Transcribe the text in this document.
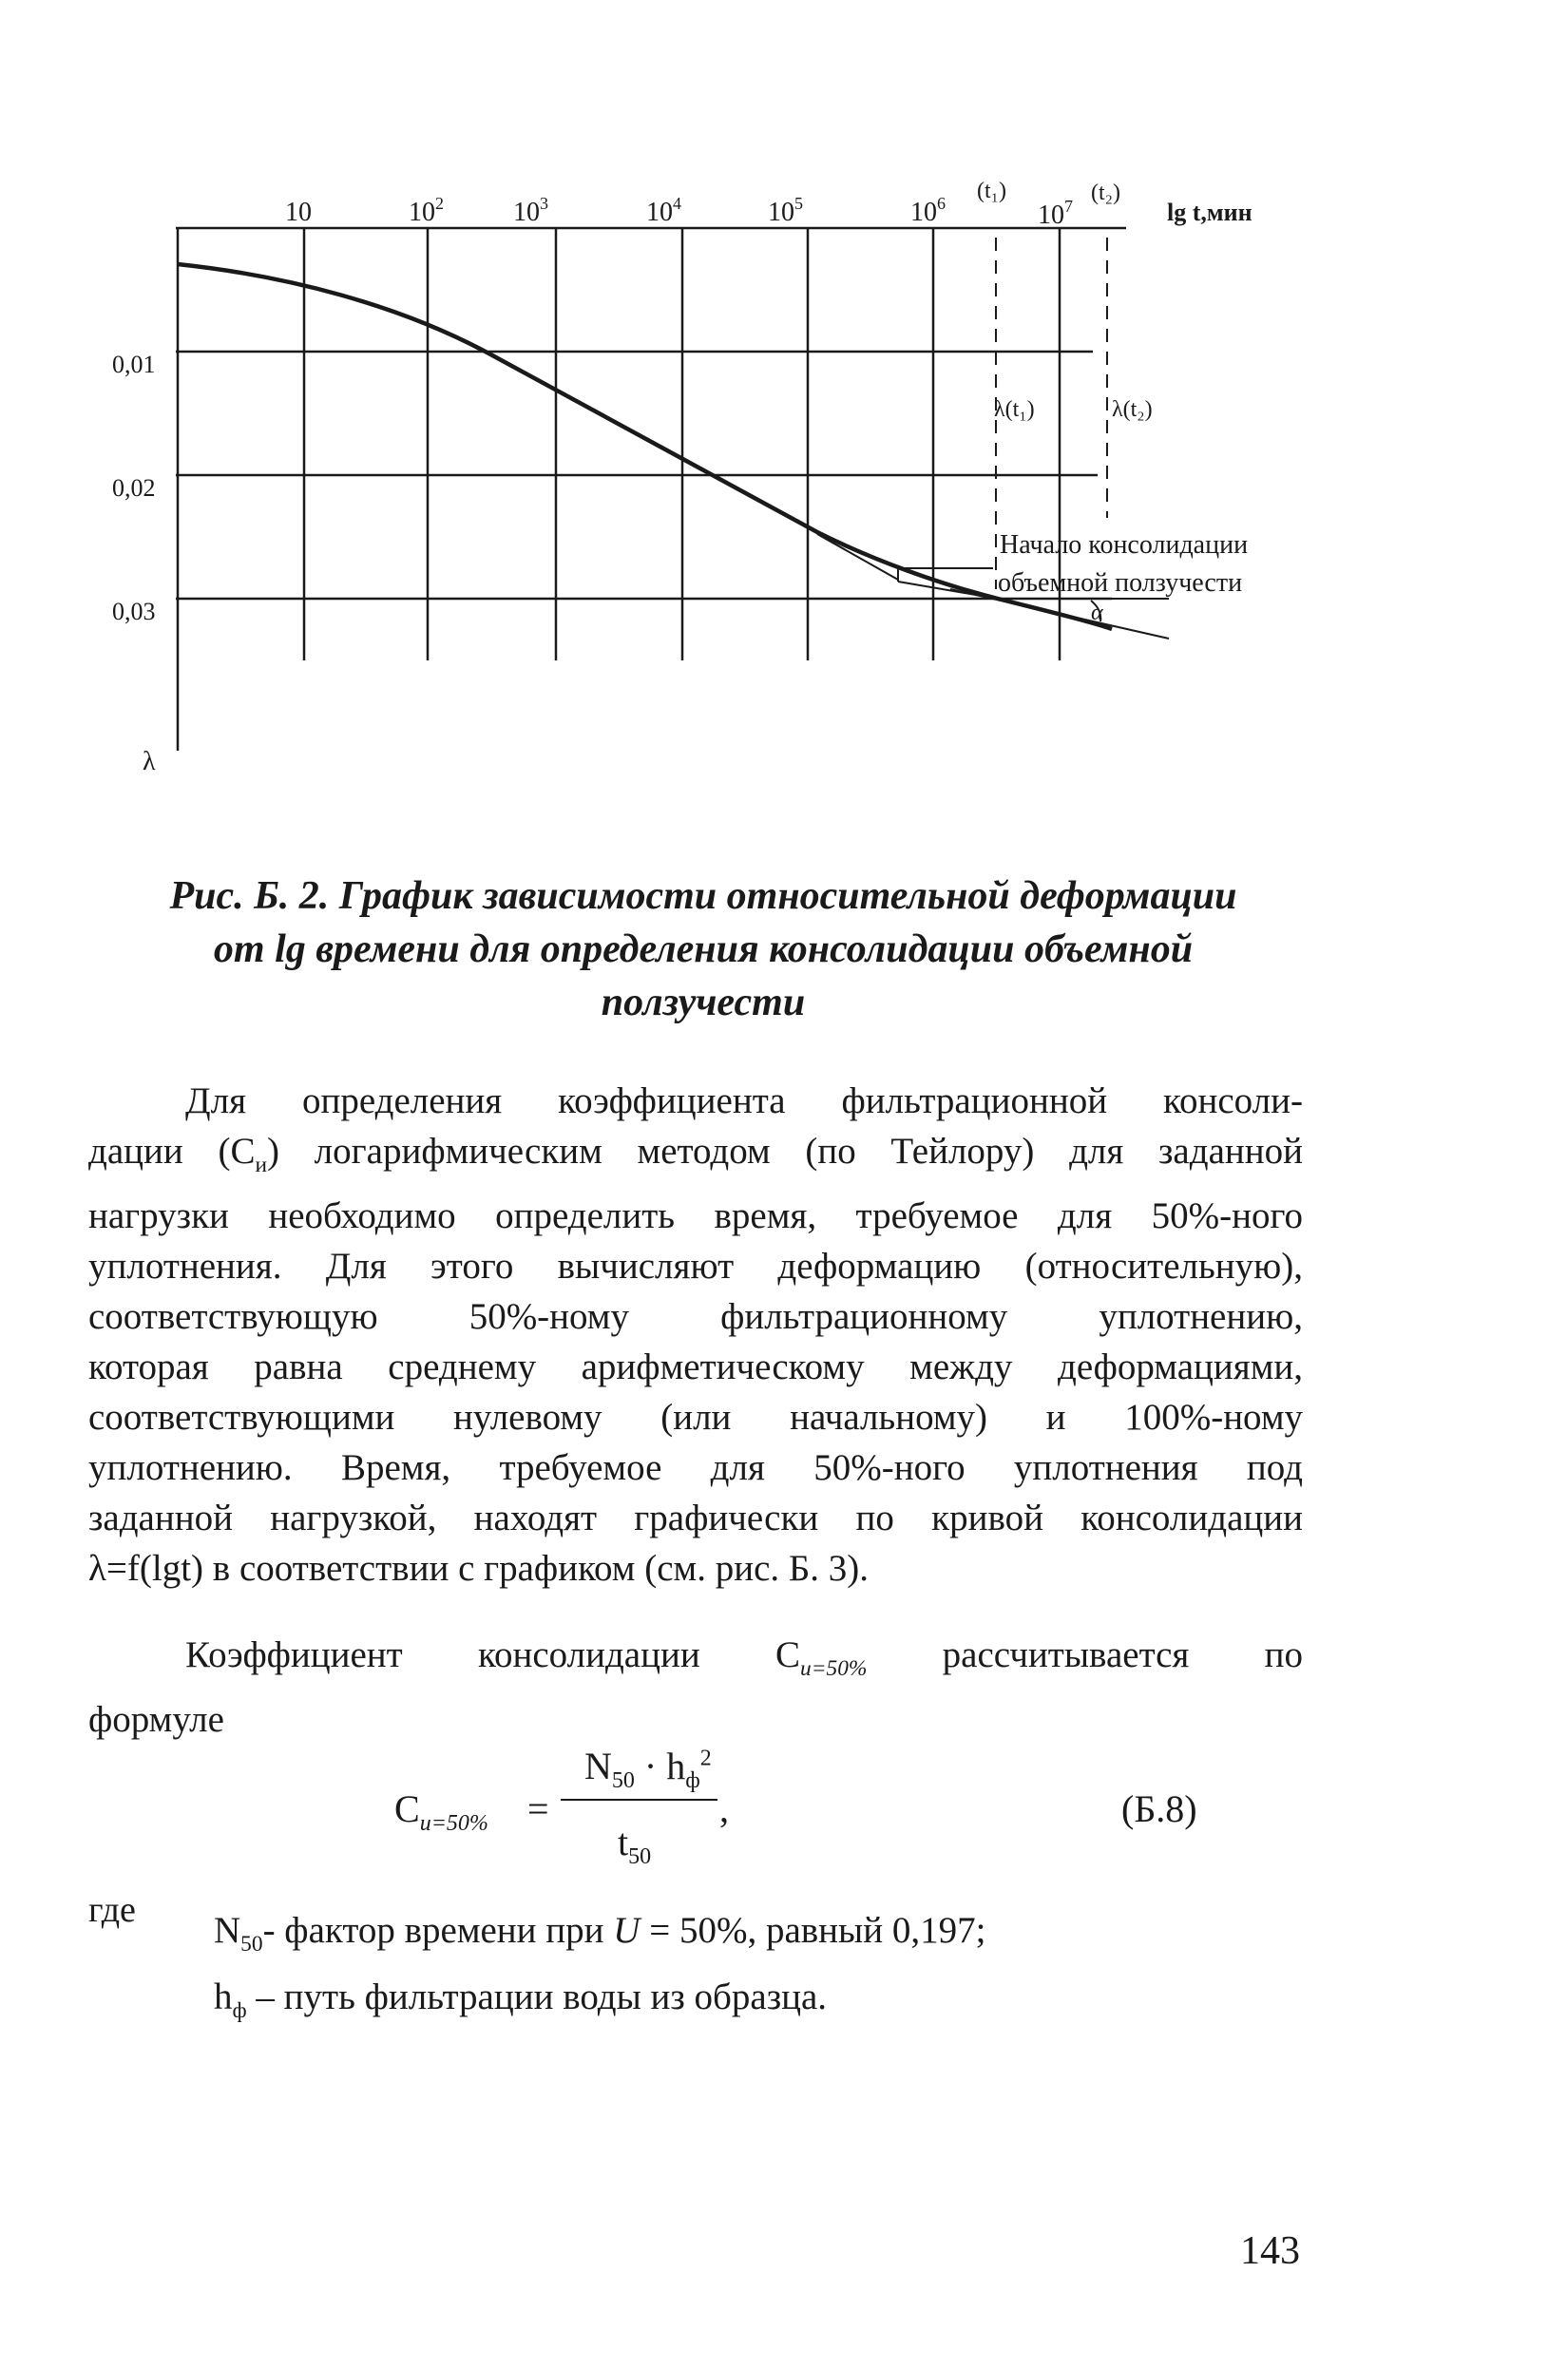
10	$10^2$	$10^3$	$10^4$	$10^5$	$10^6$ (t₁)
$10^7$
(t₂)
lg t,мин
0,01
0,02
0,03
λ
λ(t₁)	λ(t₂)
Начало консолидации
объемной ползучести
α

Рис. Б. 2. График зависимости относительной деформации
от lg времени для определения консолидации объемной
ползучести

Для определения коэффициента фильтрационной консоли-
дации $(С_и)$ логарифмическим методом (по Тейлору) для заданной
нагрузки необходимо определить время, требуемое для 50%-ного
уплотнения. Для этого вычисляют деформацию (относительную),
соответствующую 50%-ному фильтрационному уплотнению,
которая равна среднему арифметическому между деформациями,
соответствующими нулевому (или начальному) и 100%-ному
уплотнению. Время, требуемое для 50%-ного уплотнения под
заданной нагрузкой, находят графически по кривой консолидации
λ=f(lgt) в соответствии с графиком (см. рис. Б. 3).

Коэффициент консолидации $С_{и=50\%}$ рассчитывается по
формуле

$С_{и=50\%}$ =
$N_{50} \cdot h_ф^2$
$t_{50}$
,	(Б.8)
где $N_{50}-$ фактор времени при U = 50%, равный 0,197;
$h_ф$ – путь фильтрации воды из образца.
143
